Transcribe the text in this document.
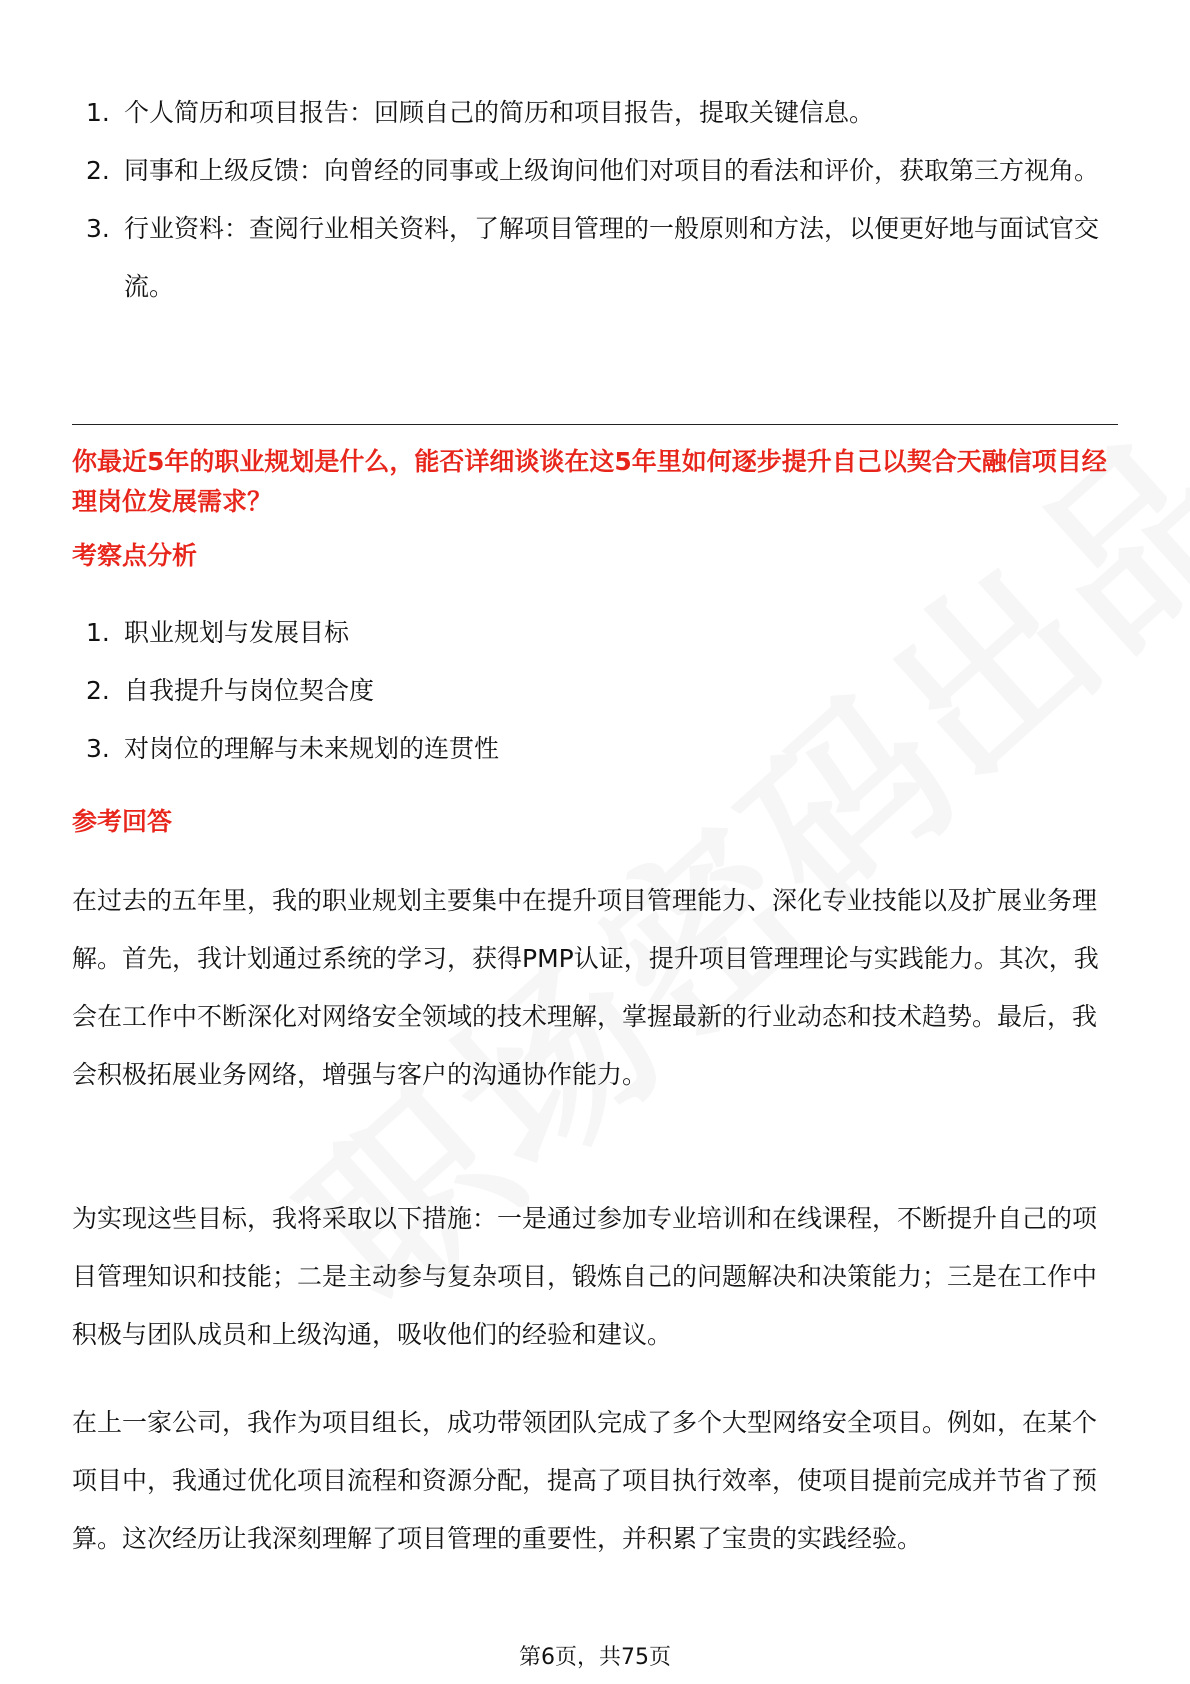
1. 个人简历和项目报告：回顾自己的简历和项目报告，提取关键信息。
2. 同事和上级反馈：向曾经的同事或上级询问他们对项目的看法和评价，获取第三方视角。
3. 行业资料：查阅行业相关资料，了解项目管理的一般原则和方法，以便更好地与面试官交流。
你最近5年的职业规划是什么，能否详细谈谈在这5年里如何逐步提升自己以契合天融信项目经理岗位发展需求？
考察点分析
1. 职业规划与发展目标
2. 自我提升与岗位契合度
3. 对岗位的理解与未来规划的连贯性
参考回答

在过去的五年里，我的职业规划主要集中在提升项目管理能力、深化专业技能以及扩展业务理解。首先，我计划通过系统的学习，获得PMP认证，提升项目管理理论与实践能力。其次，我会在工作中不断深化对网络安全领域的技术理解，掌握最新的行业动态和技术趋势。最后，我会积极拓展业务网络，增强与客户的沟通协作能力。

为实现这些目标，我将采取以下措施：一是通过参加专业培训和在线课程，不断提升自己的项目管理知识和技能；二是主动参与复杂项目，锻炼自己的问题解决和决策能力；三是在工作中积极与团队成员和上级沟通，吸收他们的经验和建议。

在上一家公司，我作为项目组长，成功带领团队完成了多个大型网络安全项目。例如，在某个项目中，我通过优化项目流程和资源分配，提高了项目执行效率，使项目提前完成并节省了预算。这次经历让我深刻理解了项目管理的重要性，并积累了宝贵的实践经验。

第6页，共75页
